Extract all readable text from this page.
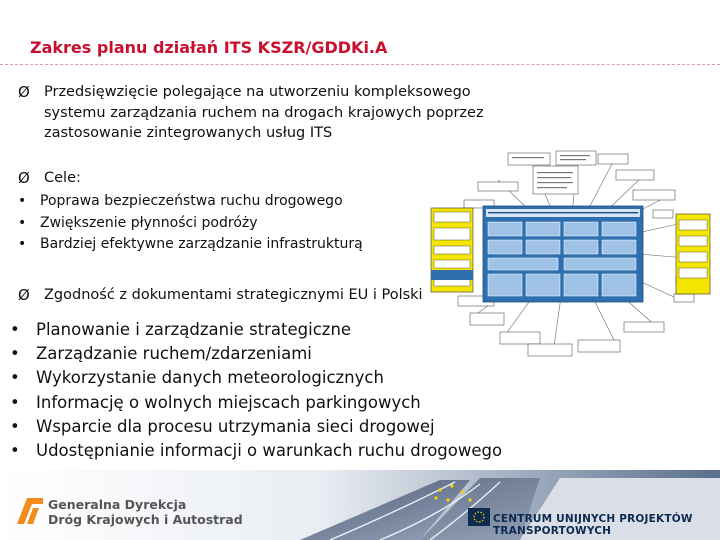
Zakres planu działań ITS KSZR/GDDKi.A
Ø Przedsięwzięcie polegające na utworzeniu kompleksowego
systemu zarządzania ruchem na drogach krajowych poprzez
zastosowanie zintegrowanych usług ITS
Ø Cele:
• Poprawa bezpieczeństwa ruchu drogowego
• Zwiększenie płynności podróży
• Bardziej efektywne zarządzanie infrastrukturą
Ø Zgodność z dokumentami strategicznymi EU i Polski
• Planowanie i zarządzanie strategiczne
• Zarządzanie ruchem/zdarzeniami
• Wykorzystanie danych meteorologicznych
• Informację o wolnych miejscach parkingowych
• Wsparcie dla procesu utrzymania sieci drogowej
• Udostępnianie informacji o warunkach ruchu drogowego
Generalna Dyrekcja
Dróg Krajowych i Autostrad	CENTRUM UNIJNYCH PROJEKTÓW TRANSPORTOWYCH
